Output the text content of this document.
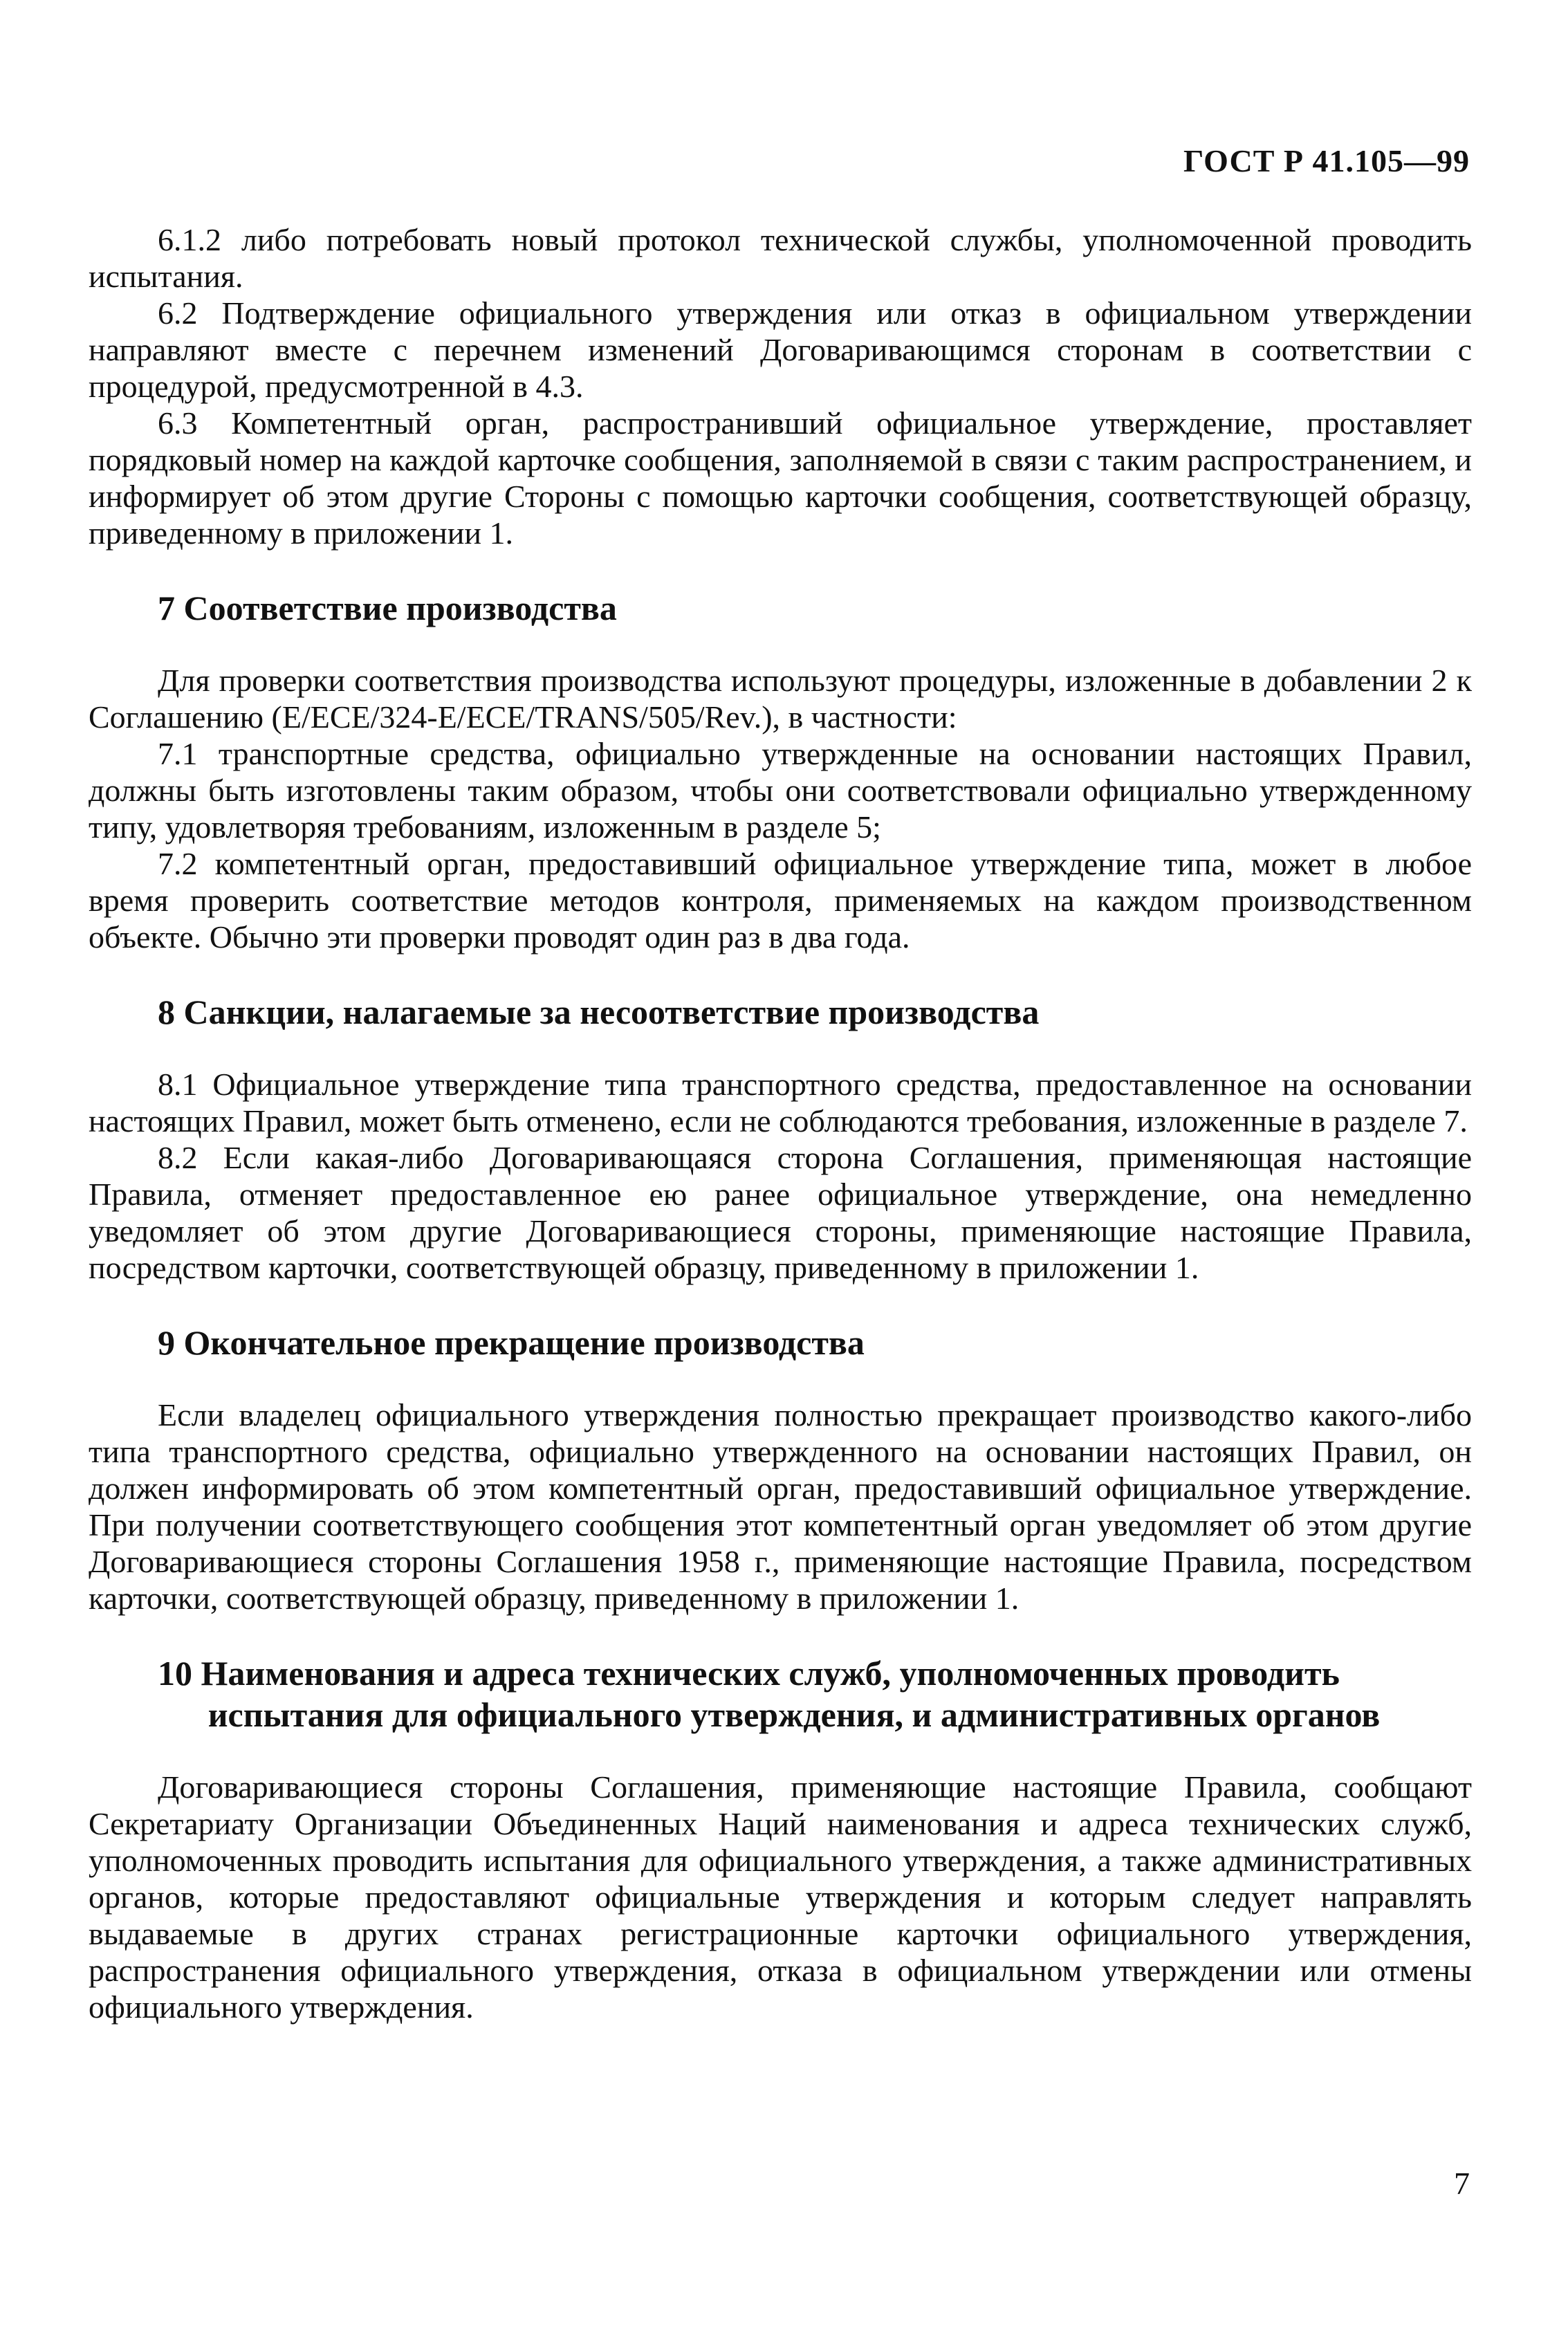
ГОСТ Р 41.105—99

6.1.2 либо потребовать новый протокол технической службы, уполномоченной проводить испытания.

6.2 Подтверждение официального утверждения или отказ в официальном утверждении направляют вместе с перечнем изменений Договаривающимся сторонам в соответствии с процедурой, предусмотренной в 4.3.

6.3 Компетентный орган, распространивший официальное утверждение, проставляет порядковый номер на каждой карточке сообщения, заполняемой в связи с таким распространением, и информирует об этом другие Стороны с помощью карточки сообщения, соответствующей образцу, приведенному в приложении 1.

7 Соответствие производства

Для проверки соответствия производства используют процедуры, изложенные в добавлении 2 к Соглашению (E/ECE/324-E/ECE/TRANS/505/Rev.), в частности:

7.1 транспортные средства, официально утвержденные на основании настоящих Правил, должны быть изготовлены таким образом, чтобы они соответствовали официально утвержденному типу, удовлетворяя требованиям, изложенным в разделе 5;

7.2 компетентный орган, предоставивший официальное утверждение типа, может в любое время проверить соответствие методов контроля, применяемых на каждом производственном объекте. Обычно эти проверки проводят один раз в два года.

8 Санкции, налагаемые за несоответствие производства

8.1 Официальное утверждение типа транспортного средства, предоставленное на основании настоящих Правил, может быть отменено, если не соблюдаются требования, изложенные в разделе 7.

8.2 Если какая-либо Договаривающаяся сторона Соглашения, применяющая настоящие Правила, отменяет предоставленное ею ранее официальное утверждение, она немедленно уведомляет об этом другие Договаривающиеся стороны, применяющие настоящие Правила, посредством карточки, соответствующей образцу, приведенному в приложении 1.

9 Окончательное прекращение производства

Если владелец официального утверждения полностью прекращает производство какого-либо типа транспортного средства, официально утвержденного на основании настоящих Правил, он должен информировать об этом компетентный орган, предоставивший официальное утверждение. При получении соответствующего сообщения этот компетентный орган уведомляет об этом другие Договаривающиеся стороны Соглашения 1958 г., применяющие настоящие Правила, посредством карточки, соответствующей образцу, приведенному в приложении 1.

10 Наименования и адреса технических служб, уполномоченных проводить
испытания для официального утверждения, и административных органов

Договаривающиеся стороны Соглашения, применяющие настоящие Правила, сообщают Секретариату Организации Объединенных Наций наименования и адреса технических служб, уполномоченных проводить испытания для официального утверждения, а также административных органов, которые предоставляют официальные утверждения и которым следует направлять выдаваемые в других странах регистрационные карточки официального утверждения, распространения официального утверждения, отказа в официальном утверждении или отмены официального утверждения.

7
